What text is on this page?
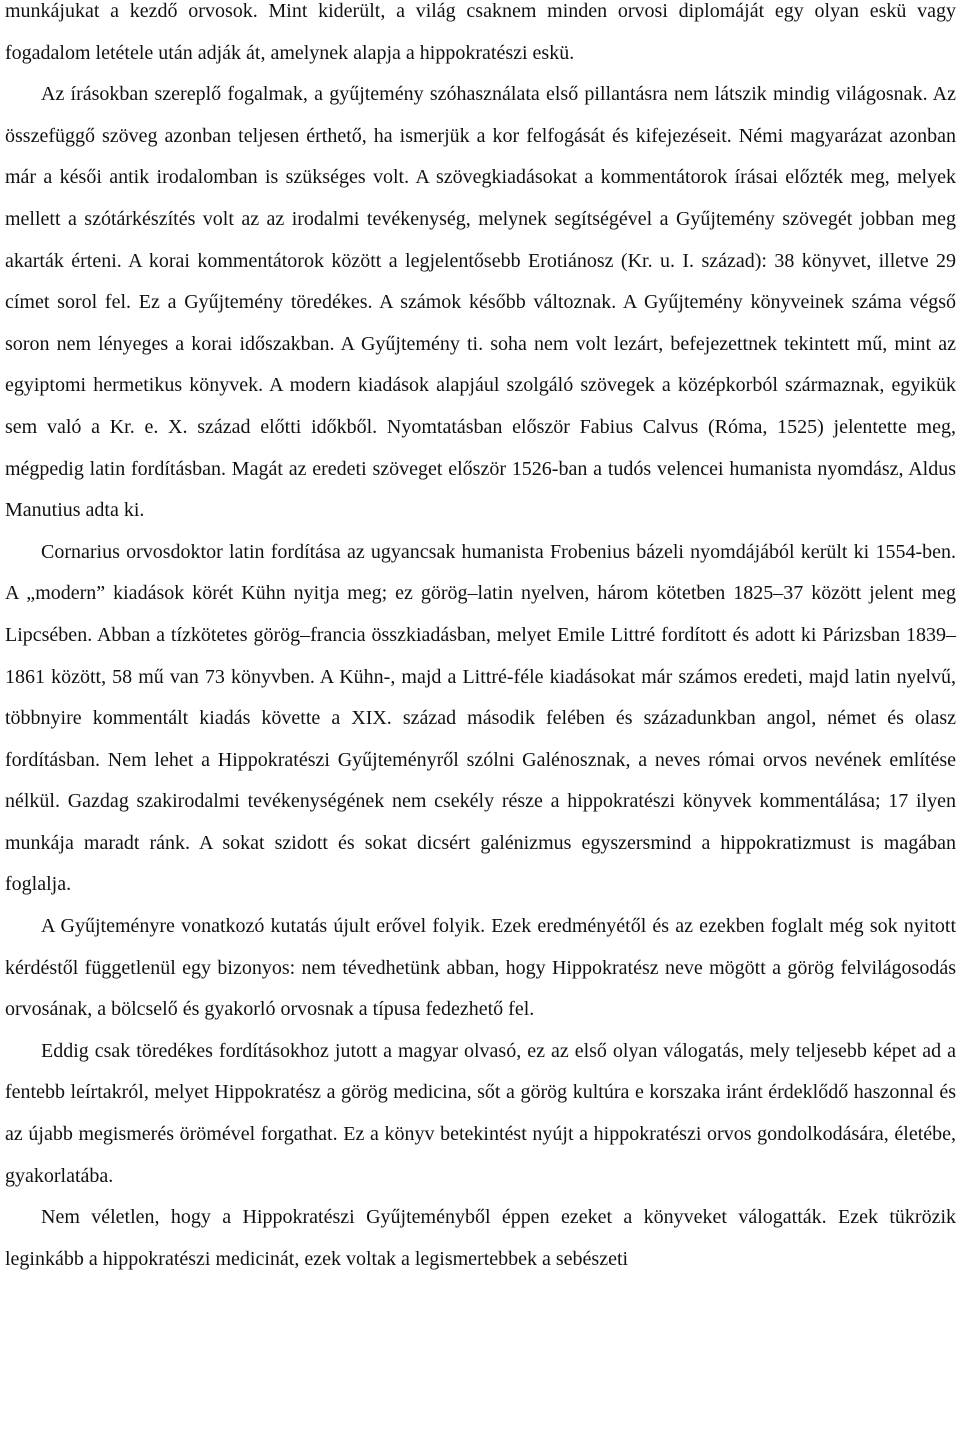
munkájukat a kezdő orvosok. Mint kiderült, a világ csaknem minden orvosi diplomáját egy olyan eskü vagy fogadalom letétele után adják át, amelynek alapja a hippokratészi eskü.

Az írásokban szereplő fogalmak, a gyűjtemény szóhasználata első pillantásra nem látszik mindig világosnak. Az összefüggő szöveg azonban teljesen érthető, ha ismerjük a kor felfogását és kifejezéseit. Némi magyarázat azonban már a késői antik irodalomban is szükséges volt. A szövegkiadásokat a kommentátorok írásai előzték meg, melyek mellett a szótárkészítés volt az az irodalmi tevékenység, melynek segítségével a Gyűjtemény szövegét jobban meg akarták érteni. A korai kommentátorok között a legjelentősebb Erotiánosz (Kr. u. I. század): 38 könyvet, illetve 29 címet sorol fel. Ez a Gyűjtemény töredékes. A számok később változnak. A Gyűjtemény könyveinek száma végső soron nem lényeges a korai időszakban. A Gyűjtemény ti. soha nem volt lezárt, befejezettnek tekintett mű, mint az egyiptomi hermetikus könyvek. A modern kiadások alapjául szolgáló szövegek a középkorból származnak, egyikük sem való a Kr. e. X. század előtti időkből. Nyomtatásban először Fabius Calvus (Róma, 1525) jelentette meg, mégpedig latin fordításban. Magát az eredeti szöveget először 1526-ban a tudós velencei humanista nyomdász, Aldus Manutius adta ki.

Cornarius orvosdoktor latin fordítása az ugyancsak humanista Frobenius bázeli nyomdájából került ki 1554-ben. A „modern” kiadások körét Kühn nyitja meg; ez görög–latin nyelven, három kötetben 1825–37 között jelent meg Lipcsében. Abban a tízkötetes görög–francia összkiadásban, melyet Emile Littré fordított és adott ki Párizsban 1839–1861 között, 58 mű van 73 könyvben. A Kühn-, majd a Littré-féle kiadásokat már számos eredeti, majd latin nyelvű, többnyire kommentált kiadás követte a XIX. század második felében és századunkban angol, német és olasz fordításban. Nem lehet a Hippokratészi Gyűjteményről szólni Galénosznak, a neves római orvos nevének említése nélkül. Gazdag szakirodalmi tevékenységének nem csekély része a hippokratészi könyvek kommentálása; 17 ilyen munkája maradt ránk. A sokat szidott és sokat dicsért galénizmus egyszersmind a hippokratizmust is magában foglalja.

A Gyűjteményre vonatkozó kutatás újult erővel folyik. Ezek eredményétől és az ezekben foglalt még sok nyitott kérdéstől függetlenül egy bizonyos: nem tévedhetünk abban, hogy Hippokratész neve mögött a görög felvilágosodás orvosának, a bölcselő és gyakorló orvosnak a típusa fedezhető fel.

Eddig csak töredékes fordításokhoz jutott a magyar olvasó, ez az első olyan válogatás, mely teljesebb képet ad a fentebb leírtakról, melyet Hippokratész a görög medicina, sőt a görög kultúra e korszaka iránt érdeklődő haszonnal és az újabb megismerés örömével forgathat. Ez a könyv betekintést nyújt a hippokratészi orvos gondolkodására, életébe, gyakorlatába.

Nem véletlen, hogy a Hippokratészi Gyűjteményből éppen ezeket a könyveket válogatták. Ezek tükrözik leginkább a hippokratészi medicinát, ezek voltak a legismertebbek a sebészeti
